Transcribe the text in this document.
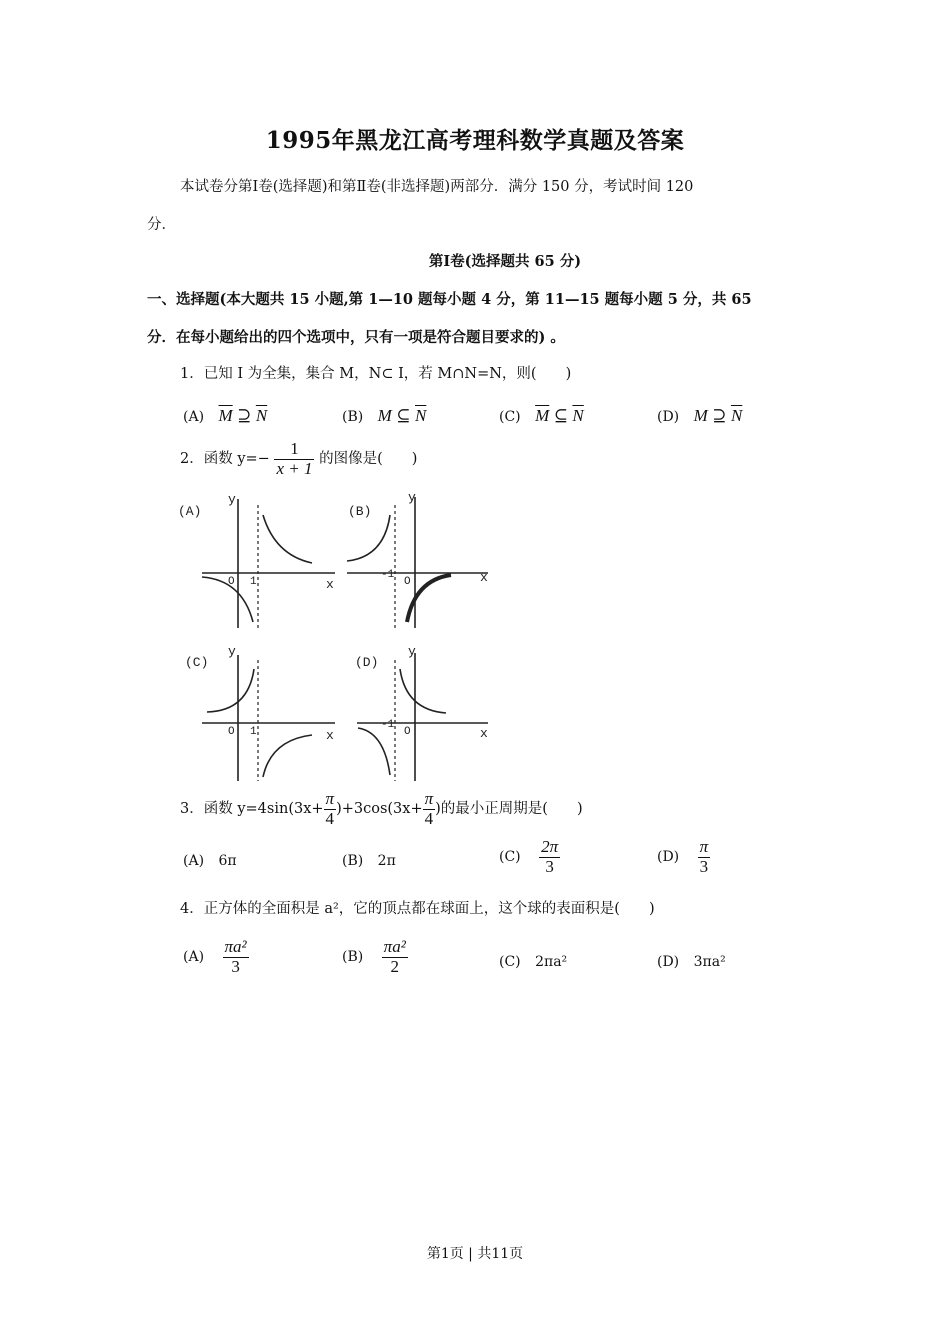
1995年黑龙江高考理科数学真题及答案
本试卷分第Ⅰ卷(选择题)和第Ⅱ卷(非选择题)两部分．满分 150 分，考试时间 120
分．
第Ⅰ卷(选择题共 65 分)
一、选择题(本大题共 15 小题,第 1—10 题每小题 4 分，第 11—15 题每小题 5 分，共 65
分．在每小题给出的四个选项中，只有一项是符合题目要求的) 。
1．已知 I 为全集，集合 M，N⊂ I，若 M∩N=N，则(　　)
(A) $\overline{M}$ ⊇ $\overline{N}$	(B) M ⊆ $\overline{N}$	(C) $\overline{M}$ ⊆ $\overline{N}$	(D) M ⊇ $\overline{N}$
2．函数 $y=- \frac{1}{x + 1}$ 的图像是(　　)
(A)
y
x
O 1
(B)
y
x
O
-1
(C)
y
x
O 1
(D)
y
x
O
-1
3．函数 $y=4\sin(3x+ \frac{\pi}{4} )+3\cos(3x+ \frac{\pi}{4}$ )的最小正周期是(　　)
(A) 6π	(B) 2π	$(C) \frac{2\pi}{3}$	$(D) \frac{\pi}{3}$
4．正方体的全面积是 a²，它的顶点都在球面上，这个球的表面积是(　　)
$(A) \frac{\text{πa²}}{3}$	$(B) \frac{\text{πa²}}{2}$	(C) 2πa²	(D) 3πa²
第1页 | 共11页
